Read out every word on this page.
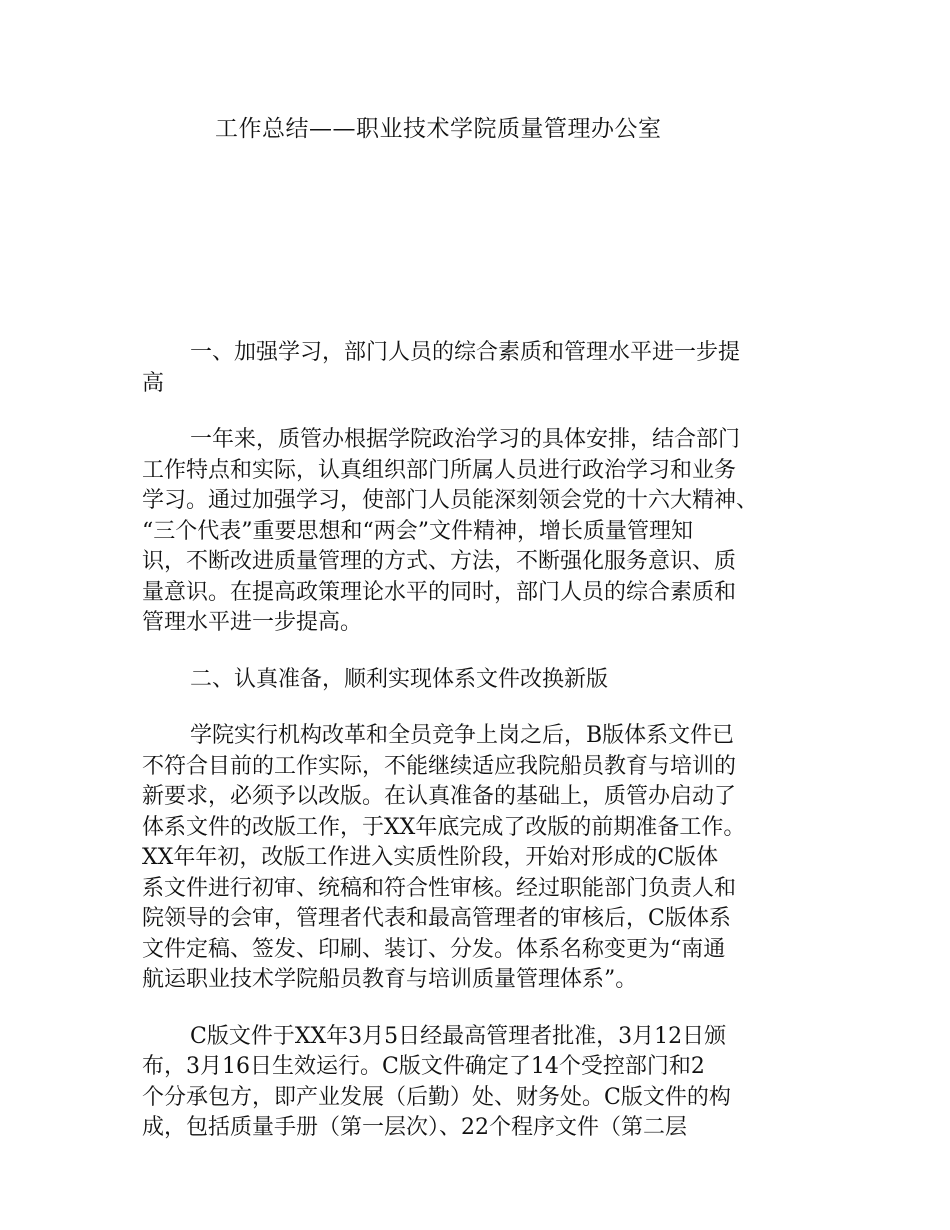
工作总结——职业技术学院质量管理办公室

一、加强学习，部门人员的综合素质和管理水平进一步提
高

一年来，质管办根据学院政治学习的具体安排，结合部门
工作特点和实际，认真组织部门所属人员进行政治学习和业务
学习。通过加强学习，使部门人员能深刻领会党的十六大精神、
“三个代表”重要思想和“两会”文件精神，增长质量管理知
识，不断改进质量管理的方式、方法，不断强化服务意识、质
量意识。在提高政策理论水平的同时，部门人员的综合素质和
管理水平进一步提高。

二、认真准备，顺利实现体系文件改换新版

学院实行机构改革和全员竞争上岗之后，B版体系文件已
不符合目前的工作实际，不能继续适应我院船员教育与培训的
新要求，必须予以改版。在认真准备的基础上，质管办启动了
体系文件的改版工作，于XX年底完成了改版的前期准备工作。
XX年年初，改版工作进入实质性阶段，开始对形成的C版体
系文件进行初审、统稿和符合性审核。经过职能部门负责人和
院领导的会审，管理者代表和最高管理者的审核后，C版体系
文件定稿、签发、印刷、装订、分发。体系名称变更为“南通
航运职业技术学院船员教育与培训质量管理体系”。

C版文件于XX年3月5日经最高管理者批准，3月12日颁
布，3月16日生效运行。C版文件确定了14个受控部门和2
个分承包方，即产业发展（后勤）处、财务处。C版文件的构
成，包括质量手册（第一层次）、22个程序文件（第二层
